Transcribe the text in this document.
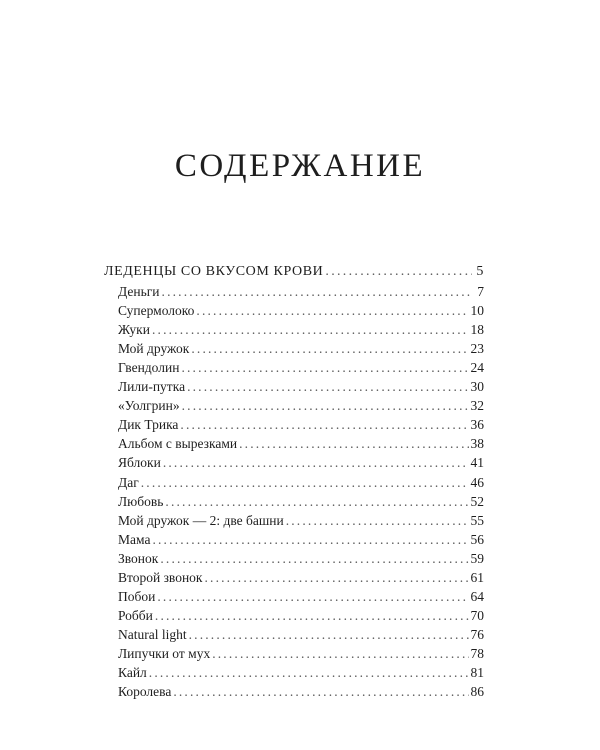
СОДЕРЖАНИЕ
ЛЕДЕНЦЫ СО ВКУСОМ КРОВИ . . .	5
Деньги . . .	7
Супермолоко . . .	10
Жуки . . .	18
Мой дружок . . .	23
Гвендолин . . .	24
Лили-путка . . .	30
«Уолгрин» . . .	32
Дик Трика . . .	36
Альбом с вырезками . . .	38
Яблоки . . .	41
Даг . . .	46
Любовь . . .	52
Мой дружок — 2: две башни . . .	55
Мама . . .	56
Звонок . . .	59
Второй звонок . . .	61
Побои . . .	64
Робби . . .	70
Natural light . . .	76
Липучки от мух . . .	78
Кайл . . .	81
Королева . . .	86
